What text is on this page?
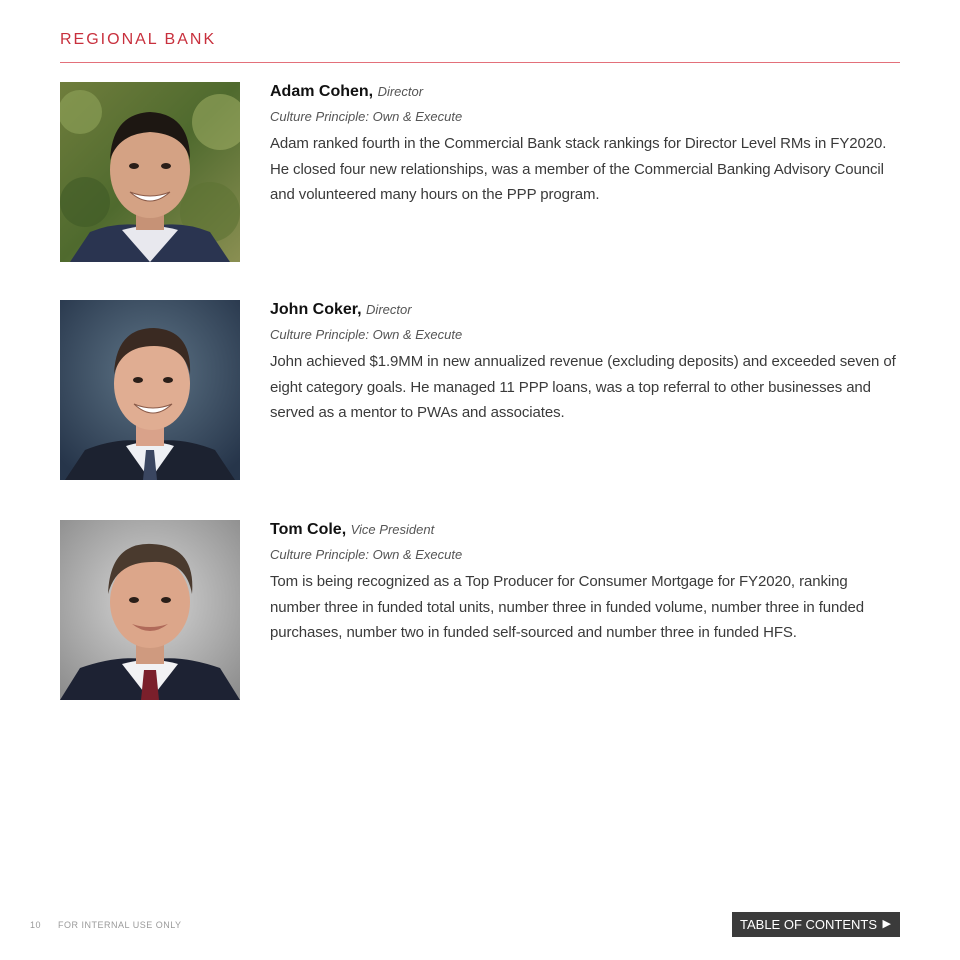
REGIONAL BANK
Adam Cohen, Director
Culture Principle: Own & Execute
Adam ranked fourth in the Commercial Bank stack rankings for Director Level RMs in FY2020. He closed four new relationships, was a member of the Commercial Banking Advisory Council and volunteered many hours on the PPP program.
John Coker, Director
Culture Principle: Own & Execute
John achieved $1.9MM in new annualized revenue (excluding deposits) and exceeded seven of eight category goals. He managed 11 PPP loans, was a top referral to other businesses and served as a mentor to PWAs and associates.
Tom Cole, Vice President
Culture Principle: Own & Execute
Tom is being recognized as a Top Producer for Consumer Mortgage for FY2020, ranking number three in funded total units, number three in funded volume, number three in funded purchases, number two in funded self-sourced and number three in funded HFS.
10 FOR INTERNAL USE ONLY	TABLE OF CONTENTS ▶
